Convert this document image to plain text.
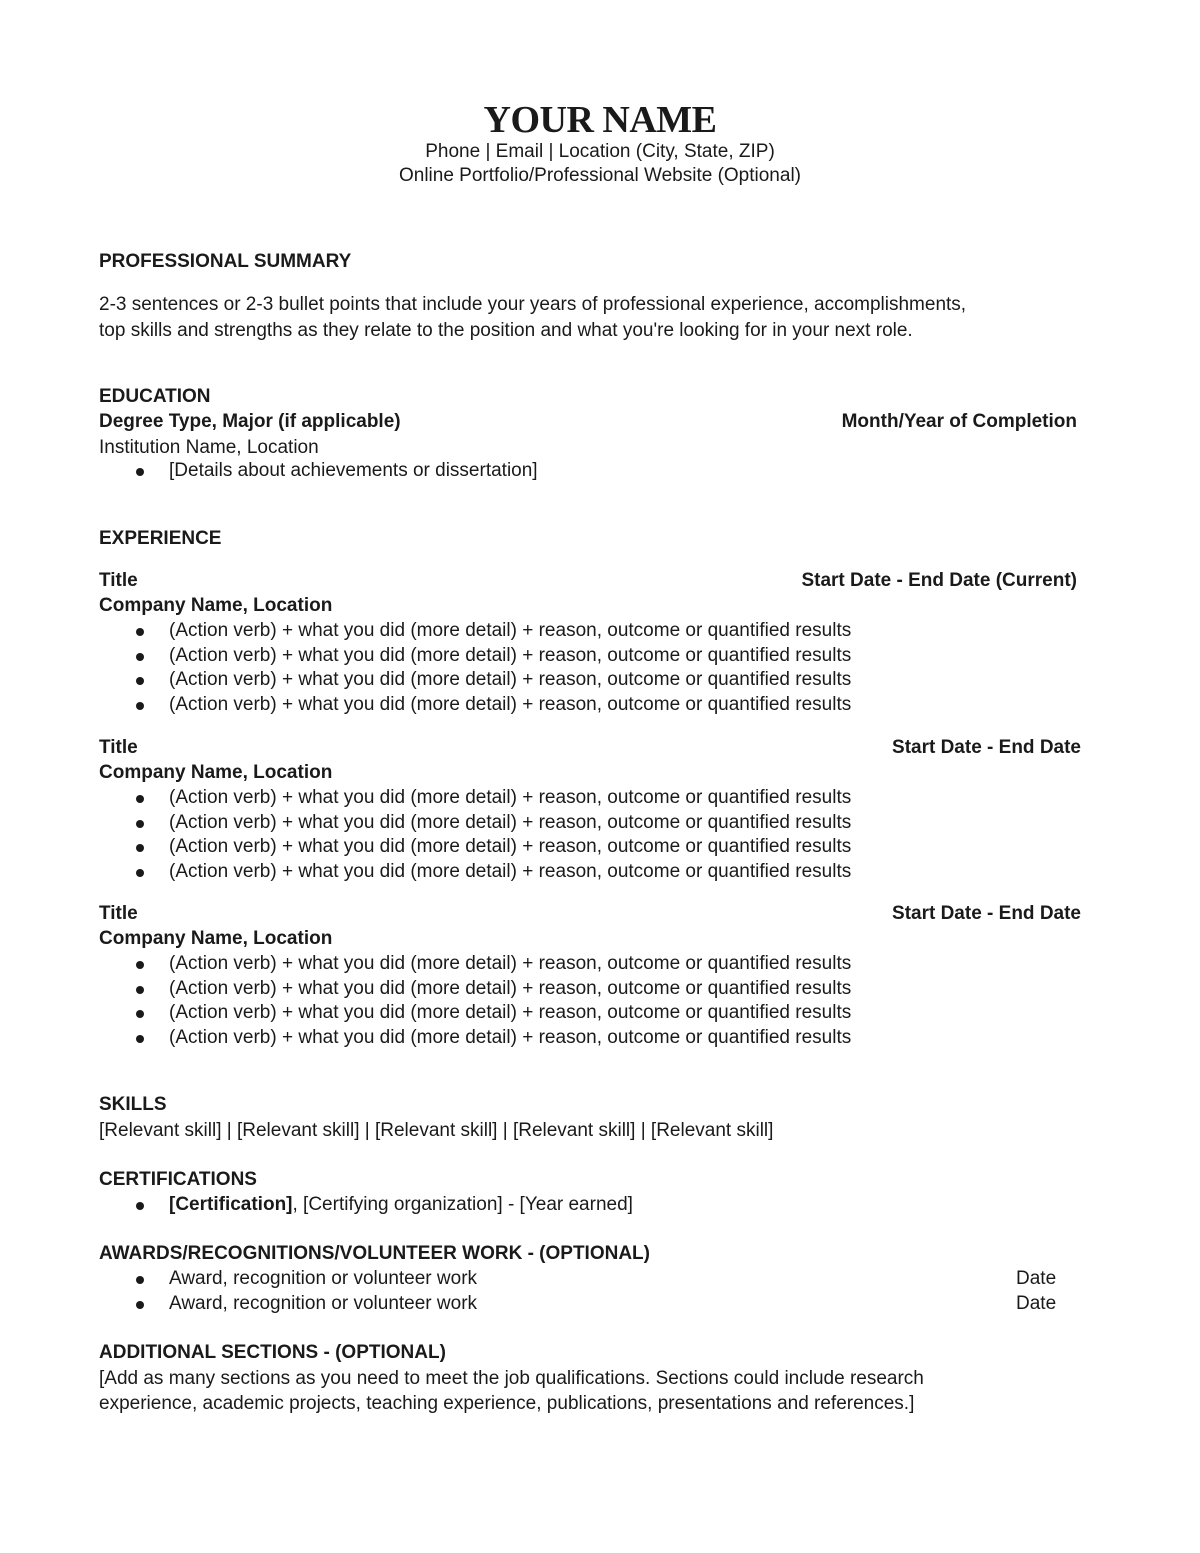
YOUR NAME
Phone | Email | Location (City, State, ZIP)
Online Portfolio/Professional Website (Optional)
PROFESSIONAL SUMMARY
2-3 sentences or 2-3 bullet points that include your years of professional experience, accomplishments,
top skills and strengths as they relate to the position and what you're looking for in your next role.
EDUCATION
Degree Type, Major (if applicable)	Month/Year of Completion
Institution Name, Location
[Details about achievements or dissertation]
EXPERIENCE
Title	Start Date - End Date (Current)
Company Name, Location
(Action verb) + what you did (more detail) + reason, outcome or quantified results
(Action verb) + what you did (more detail) + reason, outcome or quantified results
(Action verb) + what you did (more detail) + reason, outcome or quantified results
(Action verb) + what you did (more detail) + reason, outcome or quantified results
Title	Start Date - End Date
Company Name, Location
(Action verb) + what you did (more detail) + reason, outcome or quantified results
(Action verb) + what you did (more detail) + reason, outcome or quantified results
(Action verb) + what you did (more detail) + reason, outcome or quantified results
(Action verb) + what you did (more detail) + reason, outcome or quantified results
Title	Start Date - End Date
Company Name, Location
(Action verb) + what you did (more detail) + reason, outcome or quantified results
(Action verb) + what you did (more detail) + reason, outcome or quantified results
(Action verb) + what you did (more detail) + reason, outcome or quantified results
(Action verb) + what you did (more detail) + reason, outcome or quantified results
SKILLS
[Relevant skill] | [Relevant skill] | [Relevant skill] | [Relevant skill] | [Relevant skill]
CERTIFICATIONS
[Certification], [Certifying organization] - [Year earned]
AWARDS/RECOGNITIONS/VOLUNTEER WORK - (OPTIONAL)
Award, recognition or volunteer work	Date
Award, recognition or volunteer work	Date
ADDITIONAL SECTIONS - (OPTIONAL)
[Add as many sections as you need to meet the job qualifications. Sections could include research
experience, academic projects, teaching experience, publications, presentations and references.]
